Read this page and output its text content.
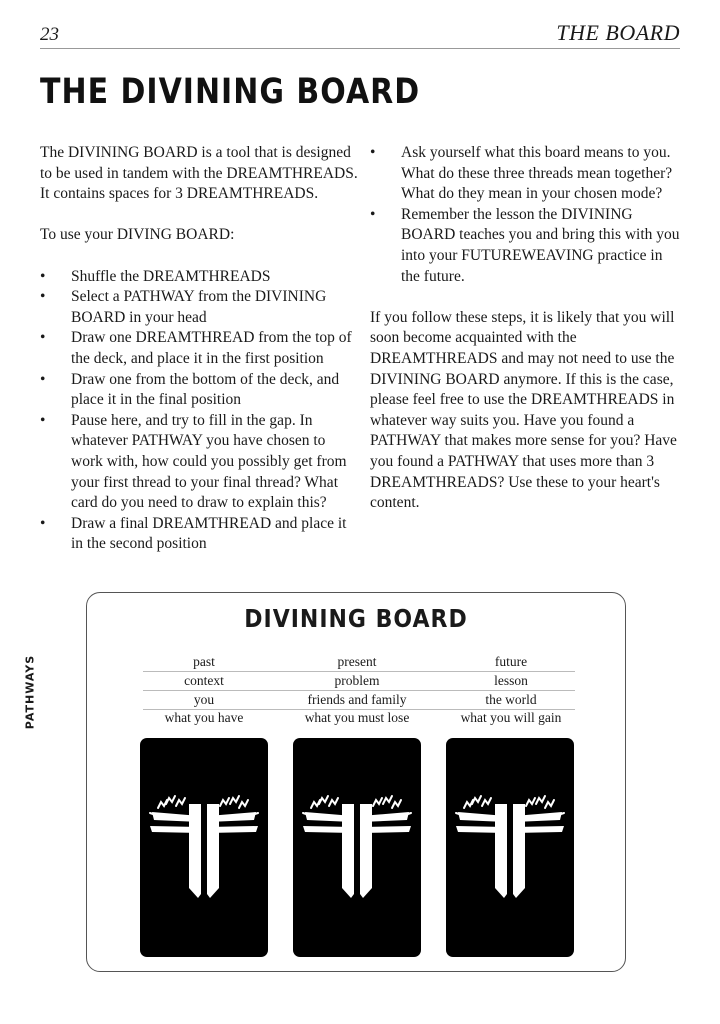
23	THE BOARD
THE DIVINING BOARD

The DIVINING BOARD is a tool that is designed to be used in tandem with the DREAMTHREADS. It contains spaces for 3 DREAMTHREADS.

To use your DIVING BOARD:

• Shuffle the DREAMTHREADS
• Select a PATHWAY from the DIVINING BOARD in your head
• Draw one DREAMTHREAD from the top of the deck, and place it in the first position
• Draw one from the bottom of the deck, and place it in the final position
• Pause here, and try to fill in the gap. In whatever PATHWAY you have chosen to work with, how could you possibly get from your first thread to your final thread? What card do you need to draw to explain this?
• Draw a final DREAMTHREAD and place it in the second position
• Ask yourself what this board means to you. What do these three threads mean together? What do they mean in your chosen mode?
• Remember the lesson the DIVINING BOARD teaches you and bring this with you into your FUTUREWEAVING practice in the future.

If you follow these steps, it is likely that you will soon become acquainted with the DREAMTHREADS and may not need to use the DIVINING BOARD anymore. If this is the case, please feel free to use the DREAMTHREADS in whatever way suits you. Have you found a PATHWAY that makes more sense for you? Have you found a PATHWAY that uses more than 3 DREAMTHREADS? Use these to your heart's content.

DIVINING BOARD
past	present	future
context	problem	lesson
you	friends and family	the world
what you have	what you must lose	what you will gain
PATHWAYS
